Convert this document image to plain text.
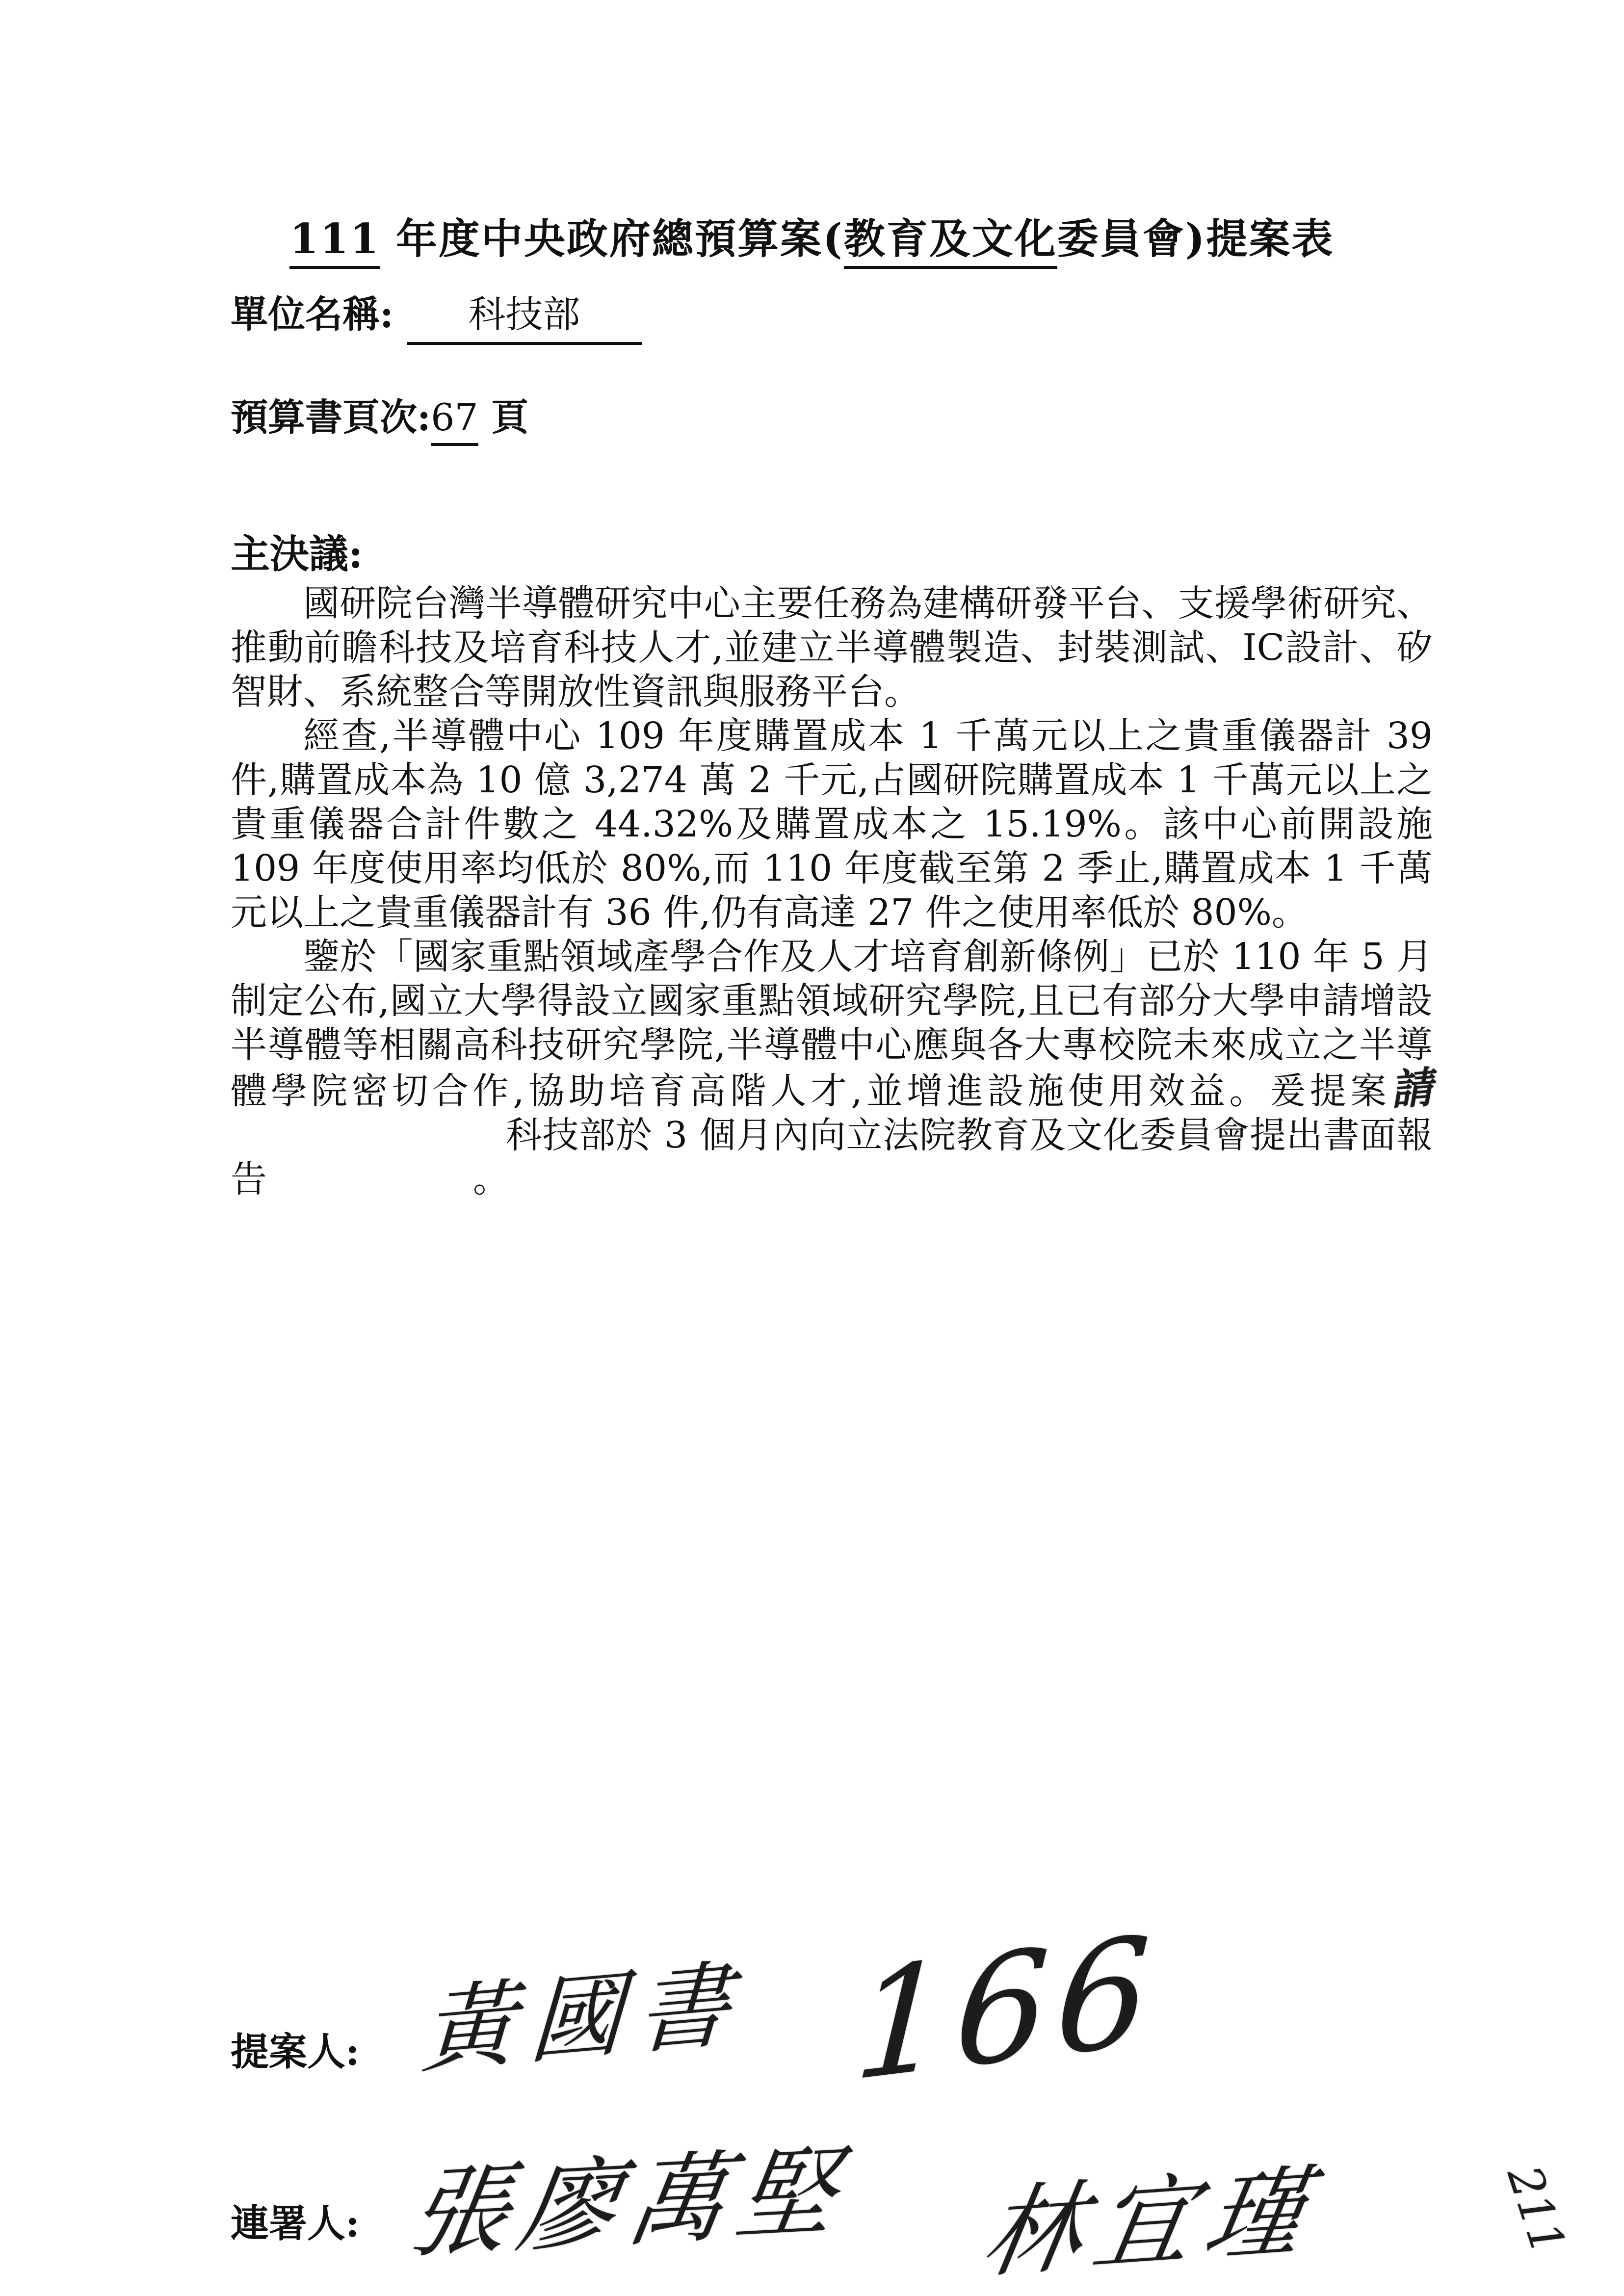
111 年度中央政府總預算案(教育及文化委員會)提案表
單位名稱: 科技部
預算書頁次:67 頁
主決議:

國研院台灣半導體研究中心主要任務為建構研發平台、支援學術研究、推動前瞻科技及培育科技人才,並建立半導體製造、封裝測試、IC設計、矽智財、系統整合等開放性資訊與服務平台。

經查,半導體中心 109 年度購置成本 1 千萬元以上之貴重儀器計 39 件,購置成本為 10 億 3,274 萬 2 千元,占國研院購置成本 1 千萬元以上之貴重儀器合計件數之 44.32%及購置成本之 15.19%。該中心前開設施 109 年度使用率均低於 80%,而 110 年度截至第 2 季止,購置成本 1 千萬元以上之貴重儀器計有 36 件,仍有高達 27 件之使用率低於 80%。

鑒於「國家重點領域產學合作及人才培育創新條例」已於 110 年 5 月制定公布,國立大學得設立國家重點領域研究學院,且已有部分大學申請增設半導體等相關高科技研究學院,半導體中心應與各大專校院未來成立之半導體學院密切合作,協助培育高階人才,並增進設施使用效益。爰提案請科技部於 3 個月內向立法院教育及文化委員會提出書面報告	。

提案人: 黃國書 166
連署人: 張廖萬堅 林宜瑾	211
